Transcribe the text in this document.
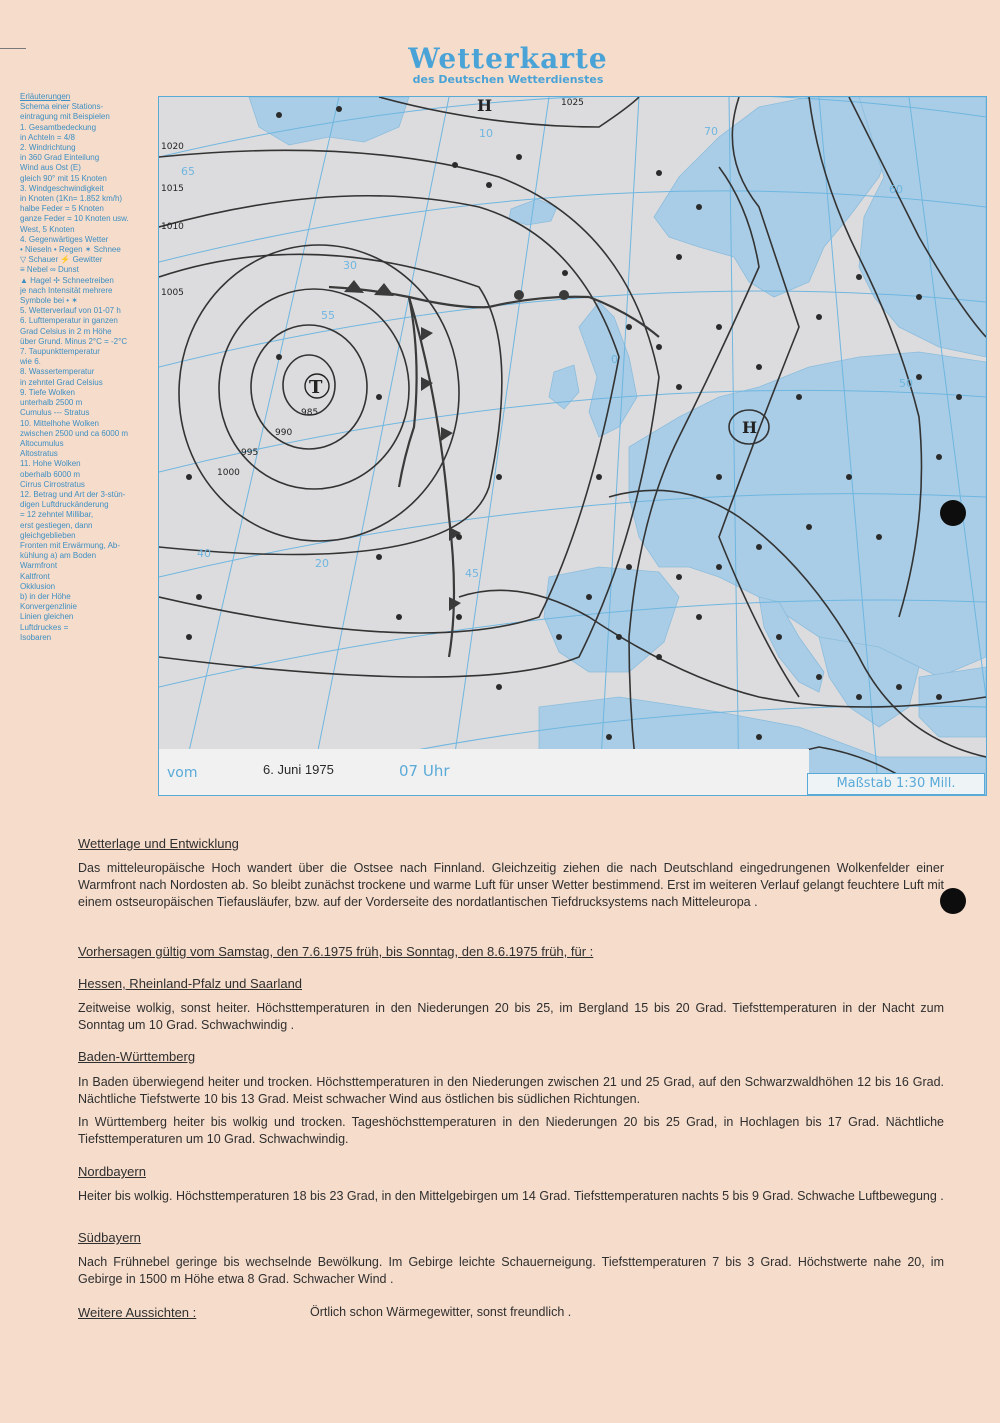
Wetterkarte
des Deutschen Wetterdienstes
Erläuterungen
Schema einer Stations-
eintragung mit Beispielen
1. Gesamtbedeckung
in Achteln = 4/8
2. Windrichtung
in 360 Grad Einteilung
Wind aus Ost (E)
gleich 90° mit 15 Knoten
3. Windgeschwindigkeit
in Knoten (1Kn= 1.852 km/h)
halbe Feder = 5 Knoten
ganze Feder = 10 Knoten usw.
West, 5 Knoten
4. Gegenwärtiges Wetter
• Nieseln • Regen ✶ Schnee
▽ Schauer ⚡ Gewitter
≡ Nebel ∞ Dunst
▲ Hagel ✢ Schneetreiben
je nach Intensität mehrere
Symbole bei • ✶
5. Wetterverlauf von 01-07 h
6. Lufttemperatur in ganzen
Grad Celsius in 2 m Höhe
über Grund. Minus 2°C = -2°C
7. Taupunkttemperatur
wie 6.
8. Wassertemperatur
in zehntel Grad Celsius
9. Tiefe Wolken
unterhalb 2500 m
Cumulus --- Stratus
10. Mittelhohe Wolken
zwischen 2500 und ca 6000 m
Altocumulus
Altostratus
11. Hohe Wolken
oberhalb 6000 m
Cirrus Cirrostratus
12. Betrag und Art der 3-stün-
digen Luftdruckänderung
= 12 zehntel Millibar,
erst gestiegen, dann
gleichgeblieben
Fronten mit Erwärmung, Ab-
kühlung a) am Boden
Warmfront
Kaltfront
Okklusion
b) in der Höhe
Konvergenzlinie
Linien gleichen
Luftdruckes =
Isobaren
1020
1015
1010
1005
1000
995
990
985
1025
70
65
60
55
50
45
40
30
20
10
0
T
H
H
vom	6. Juni 1975	07 Uhr
Maßstab 1:30 Mill.
Wetterlage und Entwicklung
Das mitteleuropäische Hoch wandert über die Ostsee nach Finnland. Gleichzeitig ziehen die nach Deutschland eingedrungenen Wolkenfelder einer Warmfront nach Nordosten ab. So bleibt zunächst trockene und warme Luft für unser Wetter bestimmend. Erst im weiteren Verlauf gelangt feuchtere Luft mit einem ostseuropäischen Tiefausläufer, bzw. auf der Vorderseite des nordatlantischen Tiefdrucksystems nach Mitteleuropa .
Vorhersagen gültig vom Samstag, den 7.6.1975 früh, bis Sonntag, den 8.6.1975 früh, für :
Hessen, Rheinland-Pfalz und Saarland
Zeitweise wolkig, sonst heiter. Höchsttemperaturen in den Niederungen 20 bis 25, im Bergland 15 bis 20 Grad. Tiefsttemperaturen in der Nacht zum Sonntag um 10 Grad. Schwachwindig .
Baden-Württemberg
In Baden überwiegend heiter und trocken. Höchsttemperaturen in den Niederungen zwischen 21 und 25 Grad, auf den Schwarzwaldhöhen 12 bis 16 Grad. Nächtliche Tiefstwerte 10 bis 13 Grad. Meist schwacher Wind aus östlichen bis südlichen Richtungen.
In Württemberg heiter bis wolkig und trocken. Tageshöchsttemperaturen in den Niederungen 20 bis 25 Grad, in Hochlagen bis 17 Grad. Nächtliche Tiefsttemperaturen um 10 Grad. Schwachwindig.
Nordbayern
Heiter bis wolkig. Höchsttemperaturen 18 bis 23 Grad, in den Mittelgebirgen um 14 Grad. Tiefsttemperaturen nachts 5 bis 9 Grad. Schwache Luftbewegung .
Südbayern
Nach Frühnebel geringe bis wechselnde Bewölkung. Im Gebirge leichte Schauerneigung. Tiefsttemperaturen 7 bis 3 Grad. Höchstwerte nahe 20, im Gebirge in 1500 m Höhe etwa 8 Grad. Schwacher Wind .
Weitere Aussichten :	Örtlich schon Wärmegewitter, sonst freundlich .
